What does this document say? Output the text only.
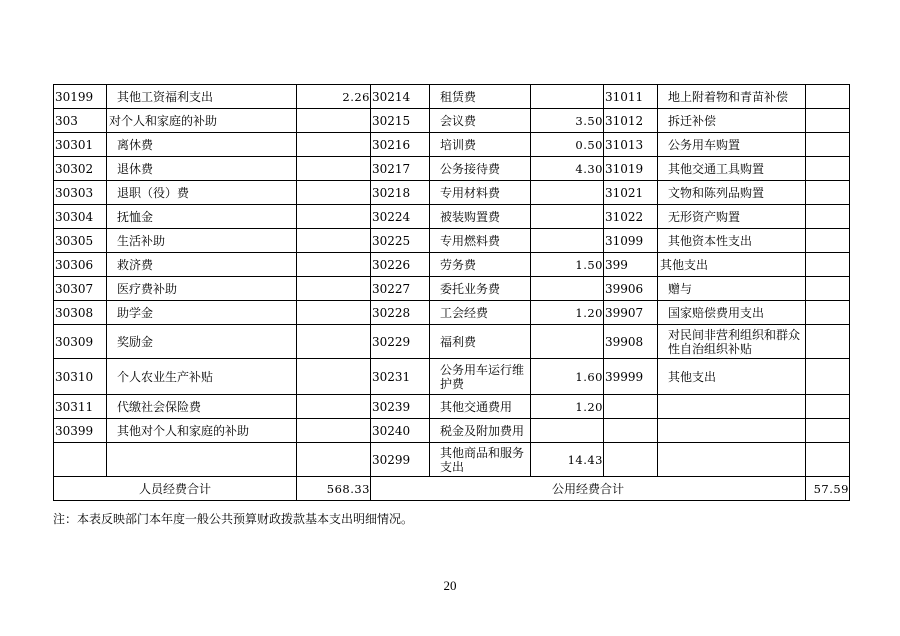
30199	其他工资福利支出	2.26	30214	租赁费		31011	地上附着物和青苗补偿	
303	对个人和家庭的补助		30215	会议费	3.50	31012	拆迁补偿	
30301	离休费		30216	培训费	0.50	31013	公务用车购置	
30302	退休费		30217	公务接待费	4.30	31019	其他交通工具购置	
30303	退职（役）费		30218	专用材料费		31021	文物和陈列品购置	
30304	抚恤金		30224	被装购置费		31022	无形资产购置	
30305	生活补助		30225	专用燃料费		31099	其他资本性支出	
30306	救济费		30226	劳务费	1.50	399	其他支出	
30307	医疗费补助		30227	委托业务费		39906	赠与	
30308	助学金		30228	工会经费	1.20	39907	国家赔偿费用支出	
30309	奖励金		30229	福利费		39908	对民间非营利组织和群众性自治组织补贴	
30310	个人农业生产补贴		30231	公务用车运行维护费	1.60	39999	其他支出	
30311	代缴社会保险费		30239	其他交通费用	1.20			
30399	其他对个人和家庭的补助		30240	税金及附加费用				
			30299	其他商品和服务支出	14.43			
人员经费合计		568.33	公用经费合计					57.59
注：本表反映部门本年度一般公共预算财政拨款基本支出明细情况。
20
